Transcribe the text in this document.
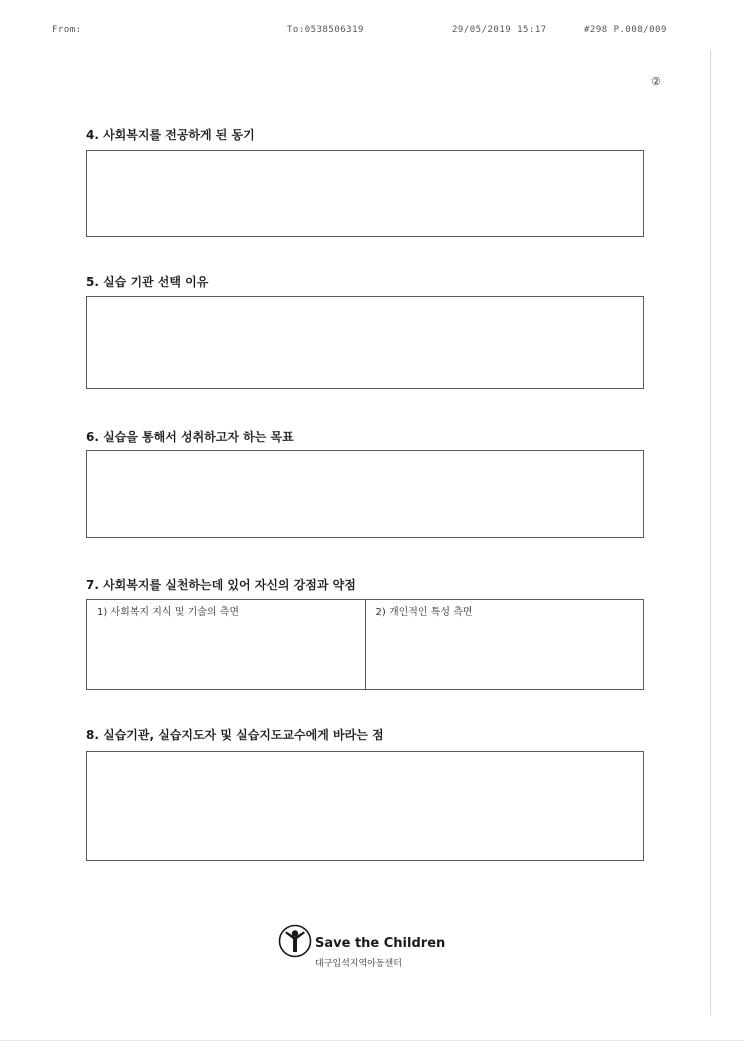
From:	To:0538506319	29/05/2019 15:17	#298 P.008/009
②
4. 사회복지를 전공하게 된 동기
5. 실습 기관 선택 이유
6. 실습을 통해서 성취하고자 하는 목표
7. 사회복지를 실천하는데 있어 자신의 강점과 약점
1) 사회복지 지식 및 기술의 측면	2) 개인적인 특성 측면
8. 실습기관, 실습지도자 및 실습지도교수에게 바라는 점
Save the Children
대구입석지역아동센터
